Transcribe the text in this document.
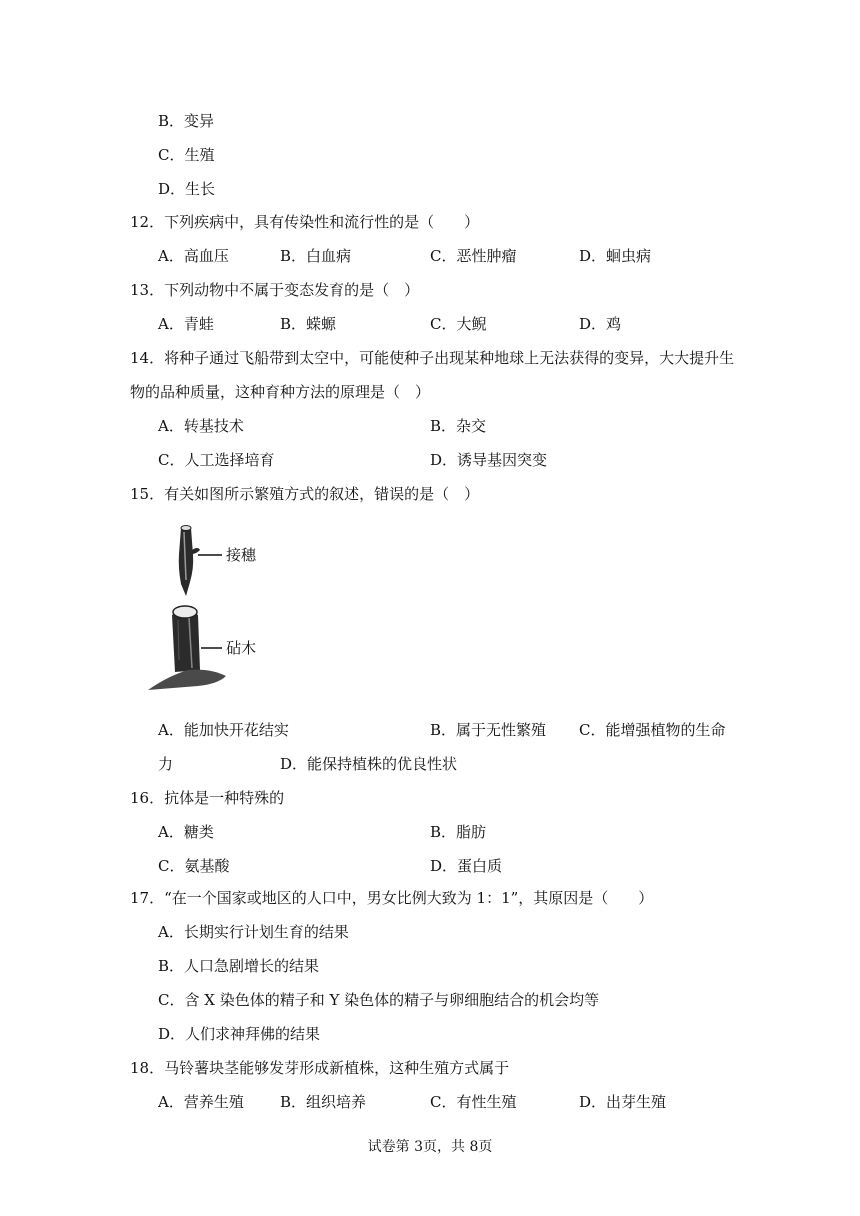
B．变异
C．生殖
D．生长
12．下列疾病中，具有传染性和流行性的是（　　）
A．高血压	B．白血病	C．恶性肿瘤	D．蛔虫病
13．下列动物中不属于变态发育的是（　）
A．青蛙	B．蝾螈	C．大鲵	D．鸡
14．将种子通过飞船带到太空中，可能使种子出现某种地球上无法获得的变异，大大提升生
物的品种质量，这种育种方法的原理是（　）
A．转基技术	B．杂交
C．人工选择培育	D．诱导基因突变
15．有关如图所示繁殖方式的叙述，错误的是（　）
接穗
砧木
A．能加快开花结实	B．属于无性繁殖 C．能增强植物的生命
力	D．能保持植株的优良性状
16．抗体是一种特殊的
A．糖类	B．脂肪
C．氨基酸	D．蛋白质
17．“在一个国家或地区的人口中，男女比例大致为 1：1”，其原因是（　　）
A．长期实行计划生育的结果
B．人口急剧增长的结果
C．含 X 染色体的精子和 Y 染色体的精子与卵细胞结合的机会均等
D．人们求神拜佛的结果
18．马铃薯块茎能够发芽形成新植株，这种生殖方式属于
A．营养生殖 B．组织培养	C．有性生殖	D．出芽生殖
试卷第 3页，共 8页
